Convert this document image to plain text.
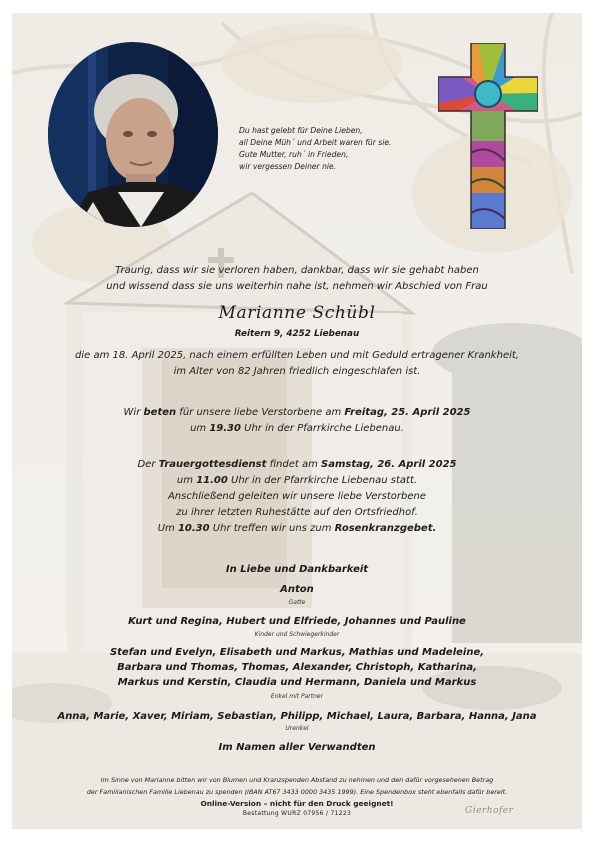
Du hast gelebt für Deine Lieben,
all Deine Müh´ und Arbeit waren für sie.
Gute Mutter, ruh´ in Frieden,
wir vergessen Deiner nie.
Traurig, dass wir sie verloren haben, dankbar, dass wir sie gehabt haben
und wissend dass sie uns weiterhin nahe ist, nehmen wir Abschied von Frau
Marianne Schübl
Reitern 9, 4252 Liebenau
die am 18. April 2025, nach einem erfüllten Leben und mit Geduld ertragener Krankheit,
im Alter von 82 Jahren friedlich eingeschlafen ist.
Wir beten für unsere liebe Verstorbene am Freitag, 25. April 2025
um 19.30 Uhr in der Pfarrkirche Liebenau.
Der Trauergottesdienst findet am Samstag, 26. April 2025
um 11.00 Uhr in der Pfarrkirche Liebenau statt.
Anschließend geleiten wir unsere liebe Verstorbene
zu ihrer letzten Ruhestätte auf den Ortsfriedhof.
Um 10.30 Uhr treffen wir uns zum Rosenkranzgebet.
In Liebe und Dankbarkeit
Anton
Gatte
Kurt und Regina, Hubert und Elfriede, Johannes und Pauline
Kinder und Schwiegerkinder
Stefan und Evelyn, Elisabeth und Markus, Mathias und Madeleine,
Barbara und Thomas, Thomas, Alexander, Christoph, Katharina,
Markus und Kerstin, Claudia und Hermann, Daniela und Markus
Enkel mit Partner
Anna, Marie, Xaver, Miriam, Sebastian, Philipp, Michael, Laura, Barbara, Hanna, Jana
Urenkel
Im Namen aller Verwandten
Im Sinne von Marianne bitten wir von Blumen und Kranzspenden Abstand zu nehmen und den dafür vorgesehenen Betrag
der Familianischen Familie Liebenau zu spenden (IBAN AT67 3433 0000 3435 1999). Eine Spendenbox steht ebenfalls dafür bereit.
Online-Version – nicht für den Druck geeignet!
Bestattung WURZ 07956 / 71223	Gierhofer
